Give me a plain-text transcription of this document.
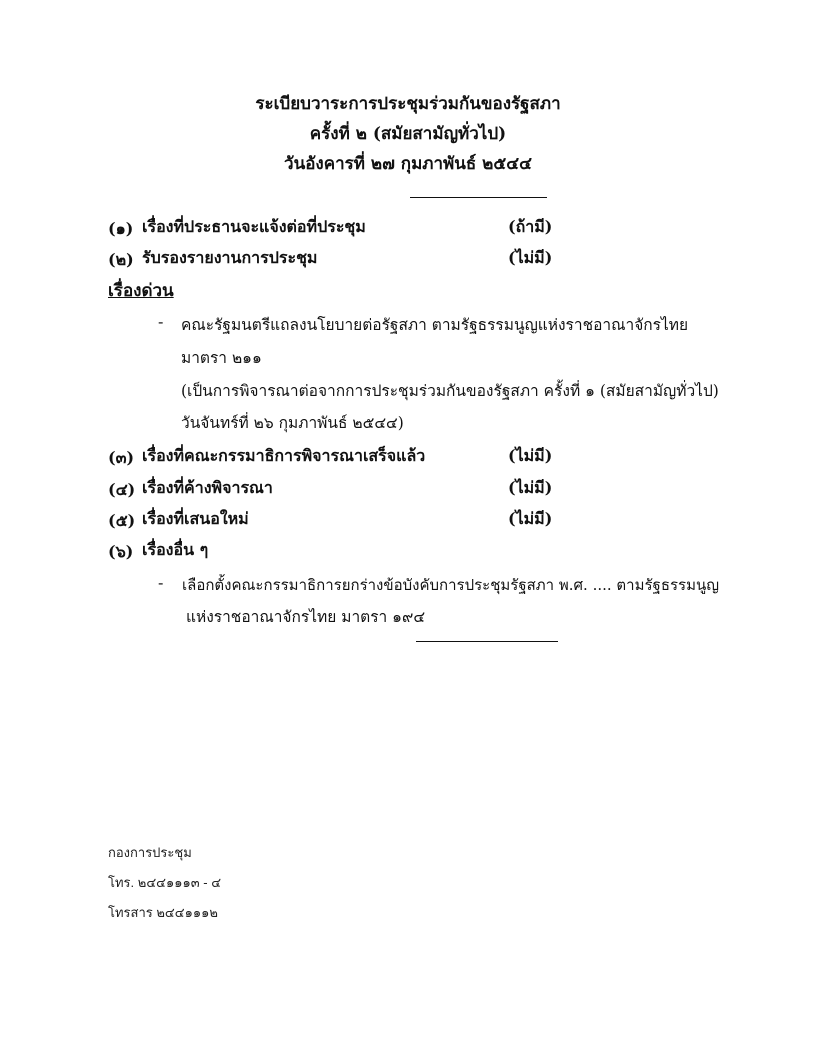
ระเบียบวาระการประชุมร่วมกันของรัฐสภา
ครั้งที่ ๒ (สมัยสามัญทั่วไป)
วันอังคารที่ ๒๗ กุมภาพันธ์ ๒๕๔๔
(๑) เรื่องที่ประธานจะแจ้งต่อที่ประชุม	(ถ้ามี)
(๒) รับรองรายงานการประชุม	(ไม่มี)
เรื่องด่วน
- คณะรัฐมนตรีแถลงนโยบายต่อรัฐสภา ตามรัฐธรรมนูญแห่งราชอาณาจักรไทย
มาตรา ๒๑๑
(เป็นการพิจารณาต่อจากการประชุมร่วมกันของรัฐสภา ครั้งที่ ๑ (สมัยสามัญทั่วไป)
วันจันทร์ที่ ๒๖ กุมภาพันธ์ ๒๕๔๔)
(๓) เรื่องที่คณะกรรมาธิการพิจารณาเสร็จแล้ว	(ไม่มี)
(๔) เรื่องที่ค้างพิจารณา	(ไม่มี)
(๕) เรื่องที่เสนอใหม่	(ไม่มี)
(๖) เรื่องอื่น ๆ
- เลือกตั้งคณะกรรมาธิการยกร่างข้อบังคับการประชุมรัฐสภา พ.ศ. .... ตามรัฐธรรมนูญ
แห่งราชอาณาจักรไทย มาตรา ๑๙๔
กองการประชุม
โทร. ๒๔๔๑๑๑๓ - ๔
โทรสาร ๒๔๔๑๑๑๒
